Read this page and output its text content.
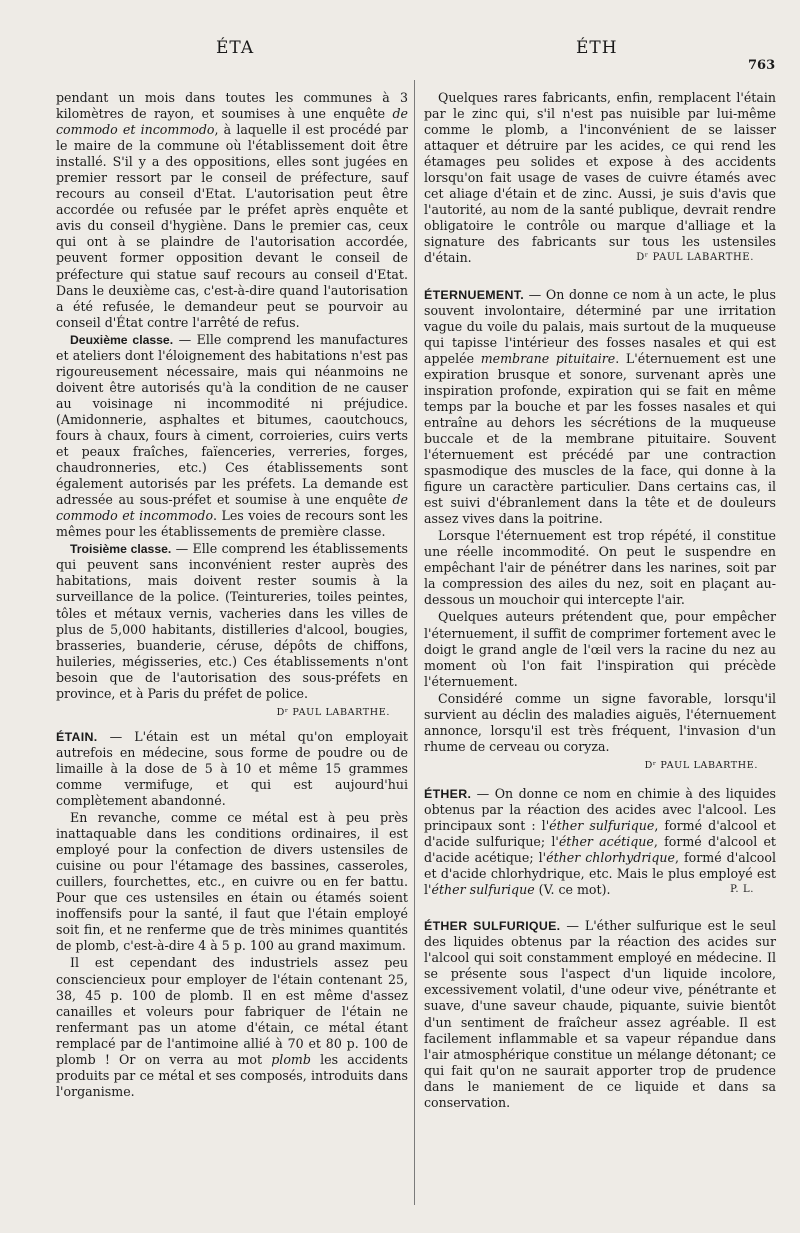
ÉTA	ÉTH
763

pendant un mois dans toutes les communes à 3 kilomètres de rayon, et soumises à une enquête de commodo et incommodo, à laquelle il est procédé par le maire de la commune où l'établissement doit être installé. S'il y a des oppositions, elles sont jugées en premier ressort par le conseil de préfecture, sauf recours au conseil d'Etat. L'autorisation peut être accordée ou refusée par le préfet après enquête et avis du conseil d'hygiène. Dans le premier cas, ceux qui ont à se plaindre de l'autorisation accordée, peuvent former opposition devant le conseil de préfecture qui statue sauf recours au conseil d'Etat. Dans le deuxième cas, c'est-à-dire quand l'autorisation a été refusée, le demandeur peut se pourvoir au conseil d'État contre l'arrêté de refus.

Deuxième classe. — Elle comprend les manufactures et ateliers dont l'éloignement des habitations n'est pas rigoureusement nécessaire, mais qui néanmoins ne doivent être autorisés qu'à la condition de ne causer au voisinage ni incommodité ni préjudice. (Amidonnerie, asphaltes et bitumes, caoutchoucs, fours à chaux, fours à ciment, corroieries, cuirs verts et peaux fraîches, faïenceries, verreries, forges, chaudronneries, etc.) Ces établissements sont également autorisés par les préfets. La demande est adressée au sous-préfet et soumise à une enquête de commodo et incommodo. Les voies de recours sont les mêmes pour les établissements de première classe.

Troisième classe. — Elle comprend les établissements qui peuvent sans inconvénient rester auprès des habitations, mais doivent rester soumis à la surveillance de la police. (Teintureries, toiles peintes, tôles et métaux vernis, vacheries dans les villes de plus de 5,000 habitants, distilleries d'alcool, bougies, brasseries, buanderie, céruse, dépôts de chiffons, huileries, mégisseries, etc.) Ces établissements n'ont besoin que de l'autorisation des sous-préfets en province, et à Paris du préfet de police.

Dʳ PAUL LABARTHE.

ÉTAIN. — L'étain est un métal qu'on employait autrefois en médecine, sous forme de poudre ou de limaille à la dose de 5 à 10 et même 15 grammes comme vermifuge, et qui est aujourd'hui complètement abandonné.

En revanche, comme ce métal est à peu près inattaquable dans les conditions ordinaires, il est employé pour la confection de divers ustensiles de cuisine ou pour l'étamage des bassines, casseroles, cuillers, fourchettes, etc., en cuivre ou en fer battu. Pour que ces ustensiles en étain ou étamés soient inoffensifs pour la santé, il faut que l'étain employé soit fin, et ne renferme que de très minimes quantités de plomb, c'est-à-dire 4 à 5 p. 100 au grand maximum.

Il est cependant des industriels assez peu consciencieux pour employer de l'étain contenant 25, 38, 45 p. 100 de plomb. Il en est même d'assez canailles et voleurs pour fabriquer de l'étain ne renfermant pas un atome d'étain, ce métal étant remplacé par de l'antimoine allié à 70 et 80 p. 100 de plomb ! Or on verra au mot plomb les accidents produits par ce métal et ses composés, introduits dans l'organisme.

Quelques rares fabricants, enfin, remplacent l'étain par le zinc qui, s'il n'est pas nuisible par lui-même comme le plomb, a l'inconvénient de se laisser attaquer et détruire par les acides, ce qui rend les étamages peu solides et expose à des accidents lorsqu'on fait usage de vases de cuivre étamés avec cet aliage d'étain et de zinc. Aussi, je suis d'avis que l'autorité, au nom de la santé publique, devrait rendre obligatoire le contrôle ou marque d'alliage et la signature des fabricants sur tous les ustensiles d'étain.	Dʳ PAUL LABARTHE.

ÉTERNUEMENT. — On donne ce nom à un acte, le plus souvent involontaire, déterminé par une irritation vague du voile du palais, mais surtout de la muqueuse qui tapisse l'intérieur des fosses nasales et qui est appelée membrane pituitaire. L'éternuement est une expiration brusque et sonore, survenant après une inspiration profonde, expiration qui se fait en même temps par la bouche et par les fosses nasales et qui entraîne au dehors les sécrétions de la muqueuse buccale et de la membrane pituitaire. Souvent l'éternuement est précédé par une contraction spasmodique des muscles de la face, qui donne à la figure un caractère particulier. Dans certains cas, il est suivi d'ébranlement dans la tête et de douleurs assez vives dans la poitrine.

Lorsque l'éternuement est trop répété, il constitue une réelle incommodité. On peut le suspendre en empêchant l'air de pénétrer dans les narines, soit par la compression des ailes du nez, soit en plaçant au-dessous un mouchoir qui intercepte l'air.

Quelques auteurs prétendent que, pour empêcher l'éternuement, il suffit de comprimer fortement avec le doigt le grand angle de l'œil vers la racine du nez au moment où l'on fait l'inspiration qui précède l'éternuement.

Considéré comme un signe favorable, lorsqu'il survient au déclin des maladies aiguës, l'éternuement annonce, lorsqu'il est très fréquent, l'invasion d'un rhume de cerveau ou coryza.

Dʳ PAUL LABARTHE.

ÉTHER. — On donne ce nom en chimie à des liquides obtenus par la réaction des acides avec l'alcool. Les principaux sont : l'éther sulfurique, formé d'alcool et d'acide sulfurique; l'éther acétique, formé d'alcool et d'acide acétique; l'éther chlorhydrique, formé d'alcool et d'acide chlorhydrique, etc. Mais le plus employé est l'éther sulfurique (V. ce mot).	P. L.

ÉTHER SULFURIQUE. — L'éther sulfurique est le seul des liquides obtenus par la réaction des acides sur l'alcool qui soit constamment employé en médecine. Il se présente sous l'aspect d'un liquide incolore, excessivement volatil, d'une odeur vive, pénétrante et suave, d'une saveur chaude, piquante, suivie bientôt d'un sentiment de fraîcheur assez agréable. Il est facilement inflammable et sa vapeur répandue dans l'air atmosphérique constitue un mélange détonant; ce qui fait qu'on ne saurait apporter trop de prudence dans le maniement de ce liquide et dans sa conservation.
